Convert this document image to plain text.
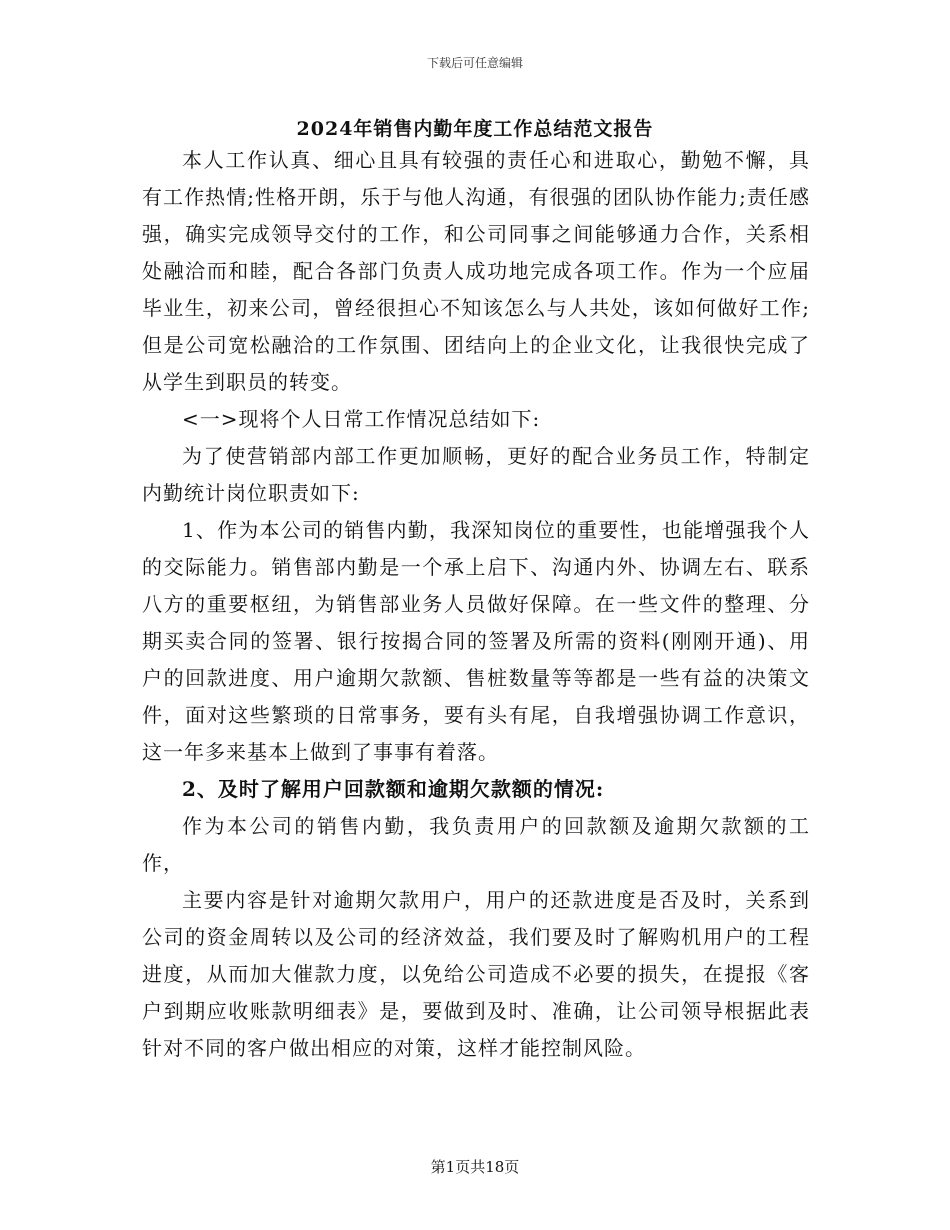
下载后可任意编辑
2024年销售内勤年度工作总结范文报告

本人工作认真、细心且具有较强的责任心和进取心，勤勉不懈，具有工作热情;性格开朗，乐于与他人沟通，有很强的团队协作能力;责任感强，确实完成领导交付的工作，和公司同事之间能够通力合作，关系相处融洽而和睦，配合各部门负责人成功地完成各项工作。作为一个应届毕业生，初来公司，曾经很担心不知该怎么与人共处，该如何做好工作;但是公司宽松融洽的工作氛围、团结向上的企业文化，让我很快完成了从学生到职员的转变。

<一>现将个人日常工作情况总结如下:

为了使营销部内部工作更加顺畅，更好的配合业务员工作，特制定内勤统计岗位职责如下:

1、作为本公司的销售内勤，我深知岗位的重要性，也能增强我个人的交际能力。销售部内勤是一个承上启下、沟通内外、协调左右、联系八方的重要枢纽，为销售部业务人员做好保障。在一些文件的整理、分期买卖合同的签署、银行按揭合同的签署及所需的资料(刚刚开通)、用户的回款进度、用户逾期欠款额、售桩数量等等都是一些有益的决策文件，面对这些繁琐的日常事务，要有头有尾，自我增强协调工作意识，这一年多来基本上做到了事事有着落。

2、及时了解用户回款额和逾期欠款额的情况:

作为本公司的销售内勤，我负责用户的回款额及逾期欠款额的工作，

主要内容是针对逾期欠款用户，用户的还款进度是否及时，关系到公司的资金周转以及公司的经济效益，我们要及时了解购机用户的工程进度，从而加大催款力度，以免给公司造成不必要的损失，在提报《客户到期应收账款明细表》是，要做到及时、准确，让公司领导根据此表针对不同的客户做出相应的对策，这样才能控制风险。

第1页共18页
